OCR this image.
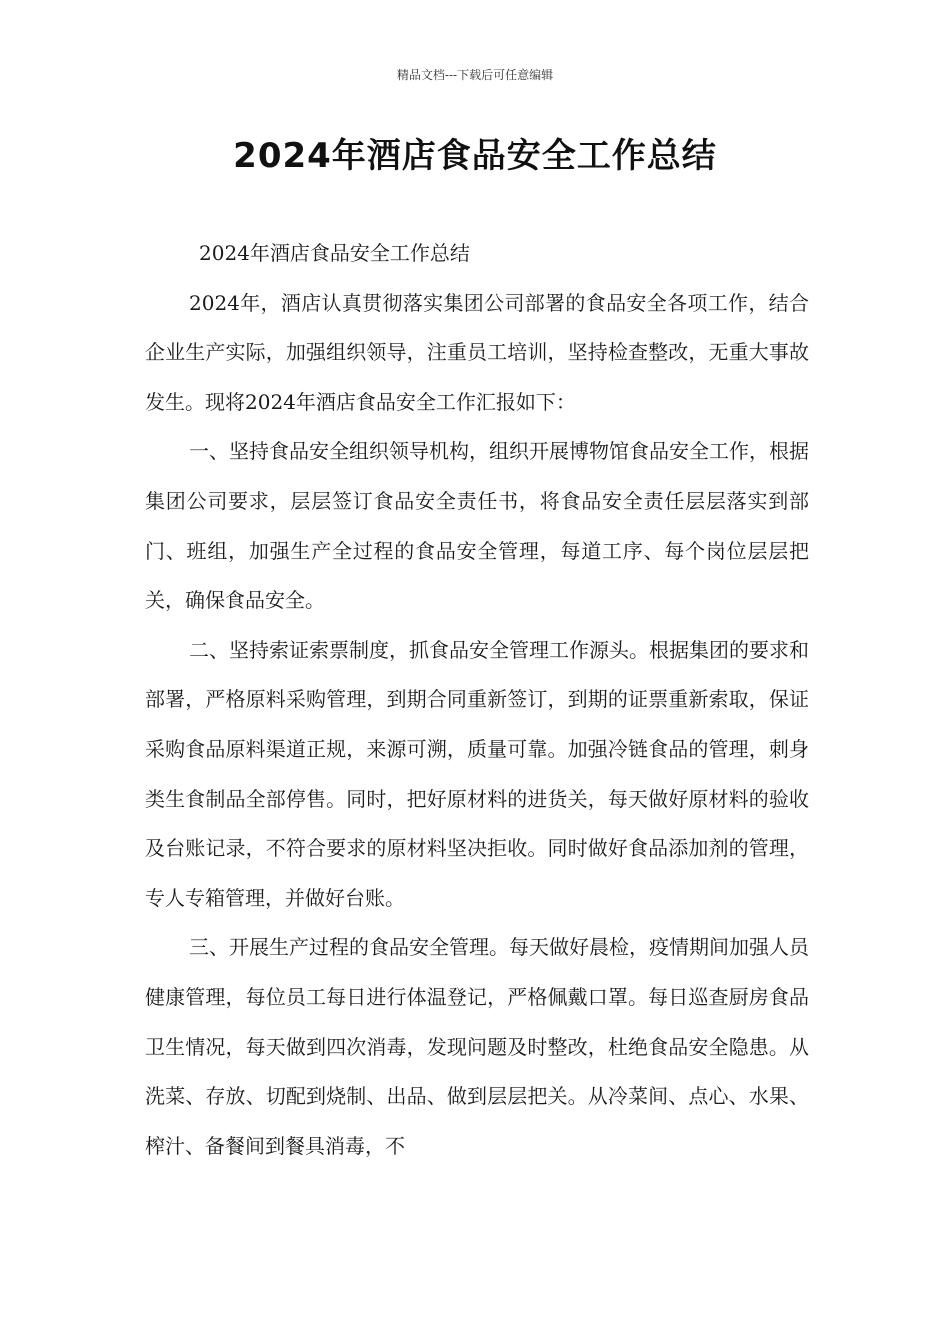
精品文档---下载后可任意编辑
2024年酒店食品安全工作总结

2024年酒店食品安全工作总结

2024年，酒店认真贯彻落实集团公司部署的食品安全各项工作，结合企业生产实际，加强组织领导，注重员工培训，坚持检查整改，无重大事故发生。现将2024年酒店食品安全工作汇报如下：

一、坚持食品安全组织领导机构，组织开展博物馆食品安全工作，根据集团公司要求，层层签订食品安全责任书，将食品安全责任层层落实到部门、班组，加强生产全过程的食品安全管理，每道工序、每个岗位层层把关，确保食品安全。

二、坚持索证索票制度，抓食品安全管理工作源头。根据集团的要求和部署，严格原料采购管理，到期合同重新签订，到期的证票重新索取，保证采购食品原料渠道正规，来源可溯，质量可靠。加强冷链食品的管理，刺身类生食制品全部停售。同时，把好原材料的进货关，每天做好原材料的验收及台账记录，不符合要求的原材料坚决拒收。同时做好食品添加剂的管理，专人专箱管理，并做好台账。

三、开展生产过程的食品安全管理。每天做好晨检，疫情期间加强人员健康管理，每位员工每日进行体温登记，严格佩戴口罩。每日巡查厨房食品卫生情况，每天做到四次消毒，发现问题及时整改，杜绝食品安全隐患。从洗菜、存放、切配到烧制、出品、做到层层把关。从冷菜间、点心、水果、榨汁、备餐间到餐具消毒，不
